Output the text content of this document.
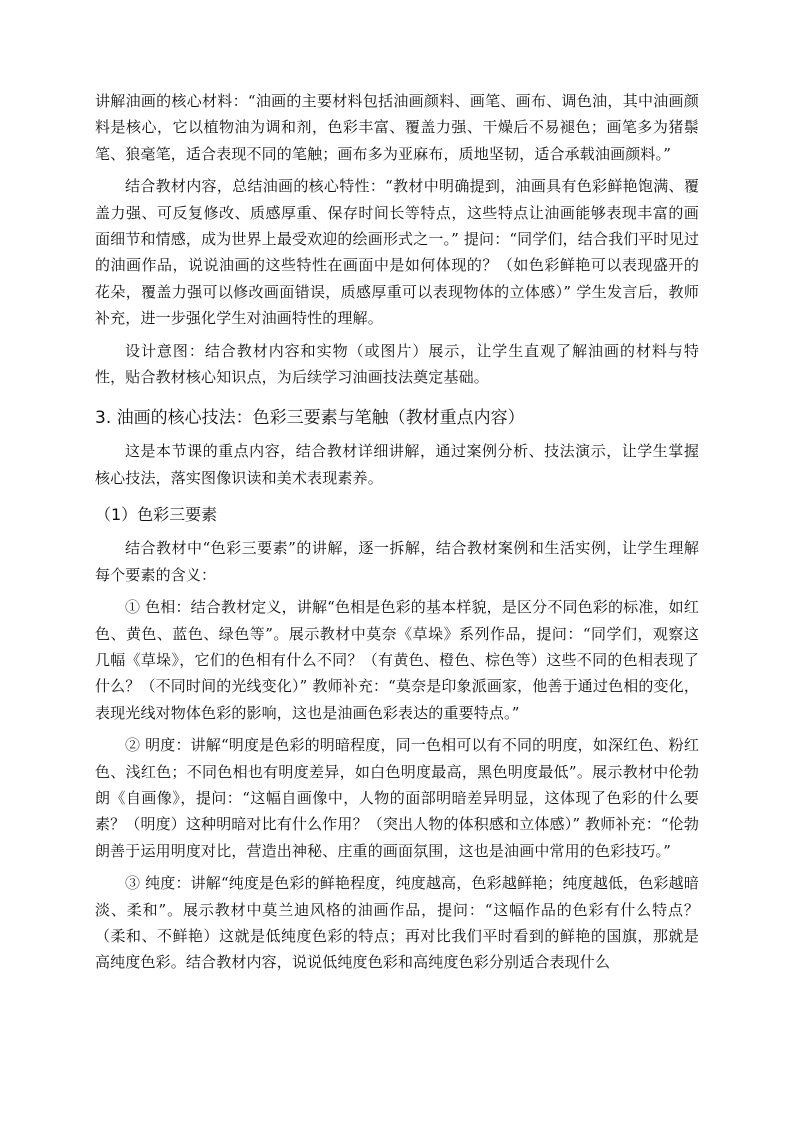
讲解油画的核心材料：“油画的主要材料包括油画颜料、画笔、画布、调色油，其中油画颜料是核心，它以植物油为调和剂，色彩丰富、覆盖力强、干燥后不易褪色；画笔多为猪鬃笔、狼毫笔，适合表现不同的笔触；画布多为亚麻布，质地坚韧，适合承载油画颜料。”

结合教材内容，总结油画的核心特性：“教材中明确提到，油画具有色彩鲜艳饱满、覆盖力强、可反复修改、质感厚重、保存时间长等特点，这些特点让油画能够表现丰富的画面细节和情感，成为世界上最受欢迎的绘画形式之一。” 提问：“同学们，结合我们平时见过的油画作品，说说油画的这些特性在画面中是如何体现的？（如色彩鲜艳可以表现盛开的花朵，覆盖力强可以修改画面错误，质感厚重可以表现物体的立体感）” 学生发言后，教师补充，进一步强化学生对油画特性的理解。

设计意图：结合教材内容和实物（或图片）展示，让学生直观了解油画的材料与特性，贴合教材核心知识点，为后续学习油画技法奠定基础。

3. 油画的核心技法：色彩三要素与笔触（教材重点内容）

这是本节课的重点内容，结合教材详细讲解，通过案例分析、技法演示，让学生掌握核心技法，落实图像识读和美术表现素养。

（1）色彩三要素

结合教材中“色彩三要素”的讲解，逐一拆解，结合教材案例和生活实例，让学生理解每个要素的含义：

① 色相：结合教材定义，讲解“色相是色彩的基本样貌，是区分不同色彩的标准，如红色、黄色、蓝色、绿色等”。展示教材中莫奈《草垛》系列作品，提问：“同学们，观察这几幅《草垛》，它们的色相有什么不同？（有黄色、橙色、棕色等）这些不同的色相表现了什么？（不同时间的光线变化）” 教师补充：“莫奈是印象派画家，他善于通过色相的变化，表现光线对物体色彩的影响，这也是油画色彩表达的重要特点。”

② 明度：讲解“明度是色彩的明暗程度，同一色相可以有不同的明度，如深红色、粉红色、浅红色；不同色相也有明度差异，如白色明度最高，黑色明度最低”。展示教材中伦勃朗《自画像》，提问：“这幅自画像中，人物的面部明暗差异明显，这体现了色彩的什么要素？（明度）这种明暗对比有什么作用？（突出人物的体积感和立体感）” 教师补充：“伦勃朗善于运用明度对比，营造出神秘、庄重的画面氛围，这也是油画中常用的色彩技巧。”

③ 纯度：讲解“纯度是色彩的鲜艳程度，纯度越高，色彩越鲜艳；纯度越低，色彩越暗淡、柔和”。展示教材中莫兰迪风格的油画作品，提问：“这幅作品的色彩有什么特点？（柔和、不鲜艳）这就是低纯度色彩的特点；再对比我们平时看到的鲜艳的国旗，那就是高纯度色彩。结合教材内容，说说低纯度色彩和高纯度色彩分别适合表现什么
